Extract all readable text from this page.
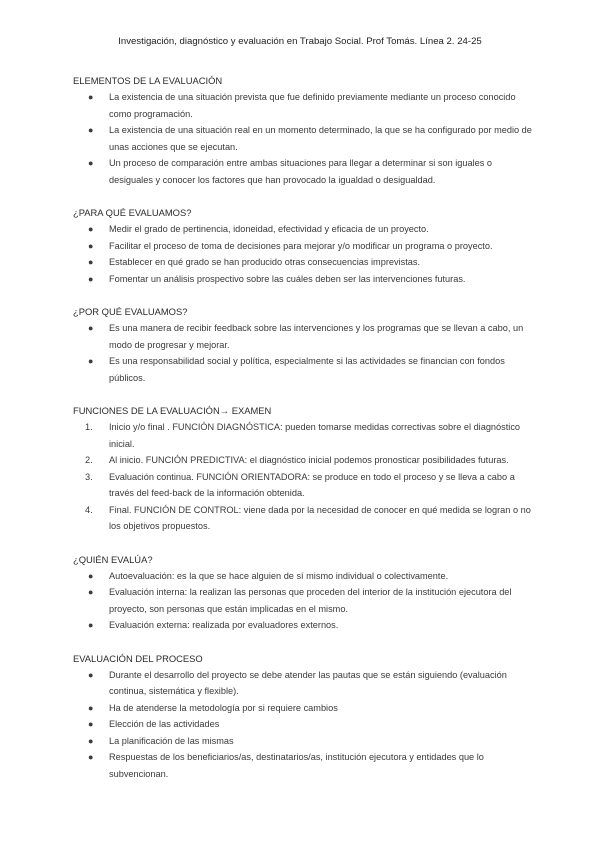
Investigación, diagnóstico y evaluación en Trabajo Social. Prof Tomás. Línea 2. 24-25
ELEMENTOS DE LA EVALUACIÓN
●	La existencia de una situación prevista que fue definido previamente mediante un proceso conocido como programación.
●	La existencia de una situación real en un momento determinado, la que se ha configurado por medio de unas acciones que se ejecutan.
●	Un proceso de comparación entre ambas situaciones para llegar a determinar si son iguales o desiguales y conocer los factores que han provocado la igualdad o desigualdad.
¿PARA QUÉ EVALUAMOS?
●	Medir el grado de pertinencia, idoneidad, efectividad y eficacia de un proyecto.
●	Facilitar el proceso de toma de decisiones para mejorar y/o modificar un programa o proyecto.
●	Establecer en qué grado se han producido otras consecuencias imprevistas.
●	Fomentar un análisis prospectivo sobre las cuáles deben ser las intervenciones futuras.
¿POR QUÉ EVALUAMOS?
●	Es una manera de recibir feedback sobre las intervenciones y los programas que se llevan a cabo, un modo de progresar y mejorar.
●	Es una responsabilidad social y política, especialmente si las actividades se financian con fondos públicos.
FUNCIONES DE LA EVALUACIÓN→ EXAMEN
1.	Inicio y/o final . FUNCIÓN DIAGNÓSTICA: pueden tomarse medidas correctivas sobre el diagnóstico inicial.
2.	Al inicio. FUNCIÓN PREDICTIVA: el diagnóstico inicial podemos pronosticar posibilidades futuras.
3.	Evaluación continua. FUNCIÓN ORIENTADORA: se produce en todo el proceso y se lleva a cabo a través del feed-back de la información obtenida.
4.	Final. FUNCIÓN DE CONTROL: viene dada por la necesidad de conocer en qué medida se logran o no los objetivos propuestos.
¿QUIÉN EVALÚA?
●	Autoevaluación: es la que se hace alguien de sí mismo individual o colectivamente.
●	Evaluación interna: la realizan las personas que proceden del interior de la institución ejecutora del proyecto, son personas que están implicadas en el mismo.
●	Evaluación externa: realizada por evaluadores externos.
EVALUACIÓN DEL PROCESO
●	Durante el desarrollo del proyecto se debe atender las pautas que se están siguiendo (evaluación continua, sistemática y flexible).
●	Ha de atenderse la metodología por si requiere cambios
●	Elección de las actividades
●	La planificación de las mismas
●	Respuestas de los beneficiarios/as, destinatarios/as, institución ejecutora y entidades que lo subvencionan.
